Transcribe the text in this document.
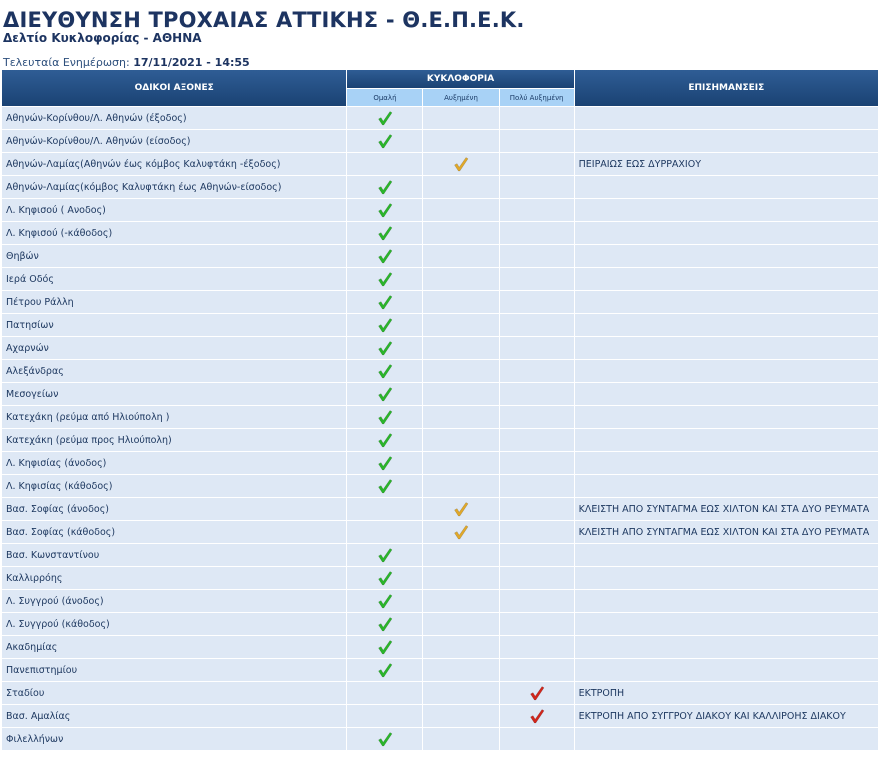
ΔΙΕΥΘΥΝΣΗ ΤΡΟΧΑΙΑΣ ΑΤΤΙΚΗΣ - Θ.Ε.Π.Ε.Κ.
Δελτίο Κυκλοφορίας - ΑΘΗΝΑ
Τελευταία Ενημέρωση: 17/11/2021 - 14:55
ΟΔΙΚΟΙ ΑΞΟΝΕΣ	ΚΥΚΛΟΦΟΡΙΑ			ΕΠΙΣΗΜΑΝΣΕΙΣ
	Ομαλή	Αυξημένη	Πολύ Αυξημένη	
Αθηνών-Κορίνθου/Λ. Αθηνών (έξοδος)				
Αθηνών-Κορίνθου/Λ. Αθηνών (είσοδος)				
Αθηνών-Λαμίας(Αθηνών έως κόμβος Καλυφτάκη -έξοδος)				ΠΕΙΡΑΙΩΣ ΕΩΣ ΔΥΡΡΑΧΙΟΥ
Αθηνών-Λαμίας(κόμβος Καλυφτάκη έως Αθηνών-είσοδος)				
Λ. Κηφισού ( Ανοδος)				
Λ. Κηφισού (-κάθοδος)				
Θηβών				
Ιερά Οδός				
Πέτρου Ράλλη				
Πατησίων				
Αχαρνών				
Αλεξάνδρας				
Μεσογείων				
Κατεχάκη (ρεύμα από Ηλιούπολη )				
Κατεχάκη (ρεύμα προς Ηλιούπολη)				
Λ. Κηφισίας (άνοδος)				
Λ. Κηφισίας (κάθοδος)				
Βασ. Σοφίας (άνοδος)				ΚΛΕΙΣΤΗ ΑΠΟ ΣΥΝΤΑΓΜΑ ΕΩΣ ΧΙΛΤΟΝ ΚΑΙ ΣΤΑ ΔΥΟ ΡΕΥΜΑΤΑ
Βασ. Σοφίας (κάθοδος)				ΚΛΕΙΣΤΗ ΑΠΟ ΣΥΝΤΑΓΜΑ ΕΩΣ ΧΙΛΤΟΝ ΚΑΙ ΣΤΑ ΔΥΟ ΡΕΥΜΑΤΑ
Βασ. Κωνσταντίνου				
Καλλιρρόης				
Λ. Συγγρού (άνοδος)				
Λ. Συγγρού (κάθοδος)				
Ακαδημίας				
Πανεπιστημίου				
Σταδίου				ΕΚΤΡΟΠΗ
Βασ. Αμαλίας				ΕΚΤΡΟΠΗ ΑΠΟ ΣΥΓΓΡΟΥ ΔΙΑΚΟΥ ΚΑΙ ΚΑΛΛΙΡΟΗΣ ΔΙΑΚΟΥ
Φιλελλήνων				
